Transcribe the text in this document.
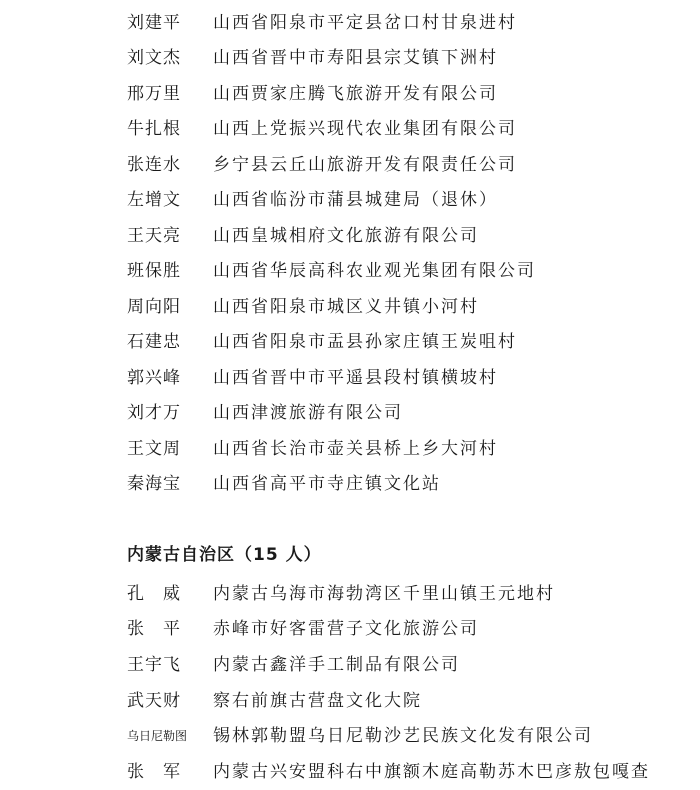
刘建平 山西省阳泉市平定县岔口村甘泉进村
刘文杰 山西省晋中市寿阳县宗艾镇下洲村
邢万里 山西贾家庄腾飞旅游开发有限公司
牛扎根 山西上党振兴现代农业集团有限公司
张连水 乡宁县云丘山旅游开发有限责任公司
左增文 山西省临汾市蒲县城建局（退休）
王天亮 山西皇城相府文化旅游有限公司
班保胜 山西省华辰高科农业观光集团有限公司
周向阳 山西省阳泉市城区义井镇小河村
石建忠 山西省阳泉市盂县孙家庄镇王炭咀村
郭兴峰 山西省晋中市平遥县段村镇横坡村
刘才万 山西津渡旅游有限公司
王文周 山西省长治市壶关县桥上乡大河村
秦海宝 山西省高平市寺庄镇文化站
内蒙古自治区（15 人）
孔　威 内蒙古乌海市海勃湾区千里山镇王元地村
张　平 赤峰市好客雷营子文化旅游公司
王宇飞 内蒙古鑫洋手工制品有限公司
武天财 察右前旗古营盘文化大院
乌日尼勒图 锡林郭勒盟乌日尼勒沙艺民族文化发有限公司
张　军 内蒙古兴安盟科右中旗额木庭高勒苏木巴彦敖包嘎查
